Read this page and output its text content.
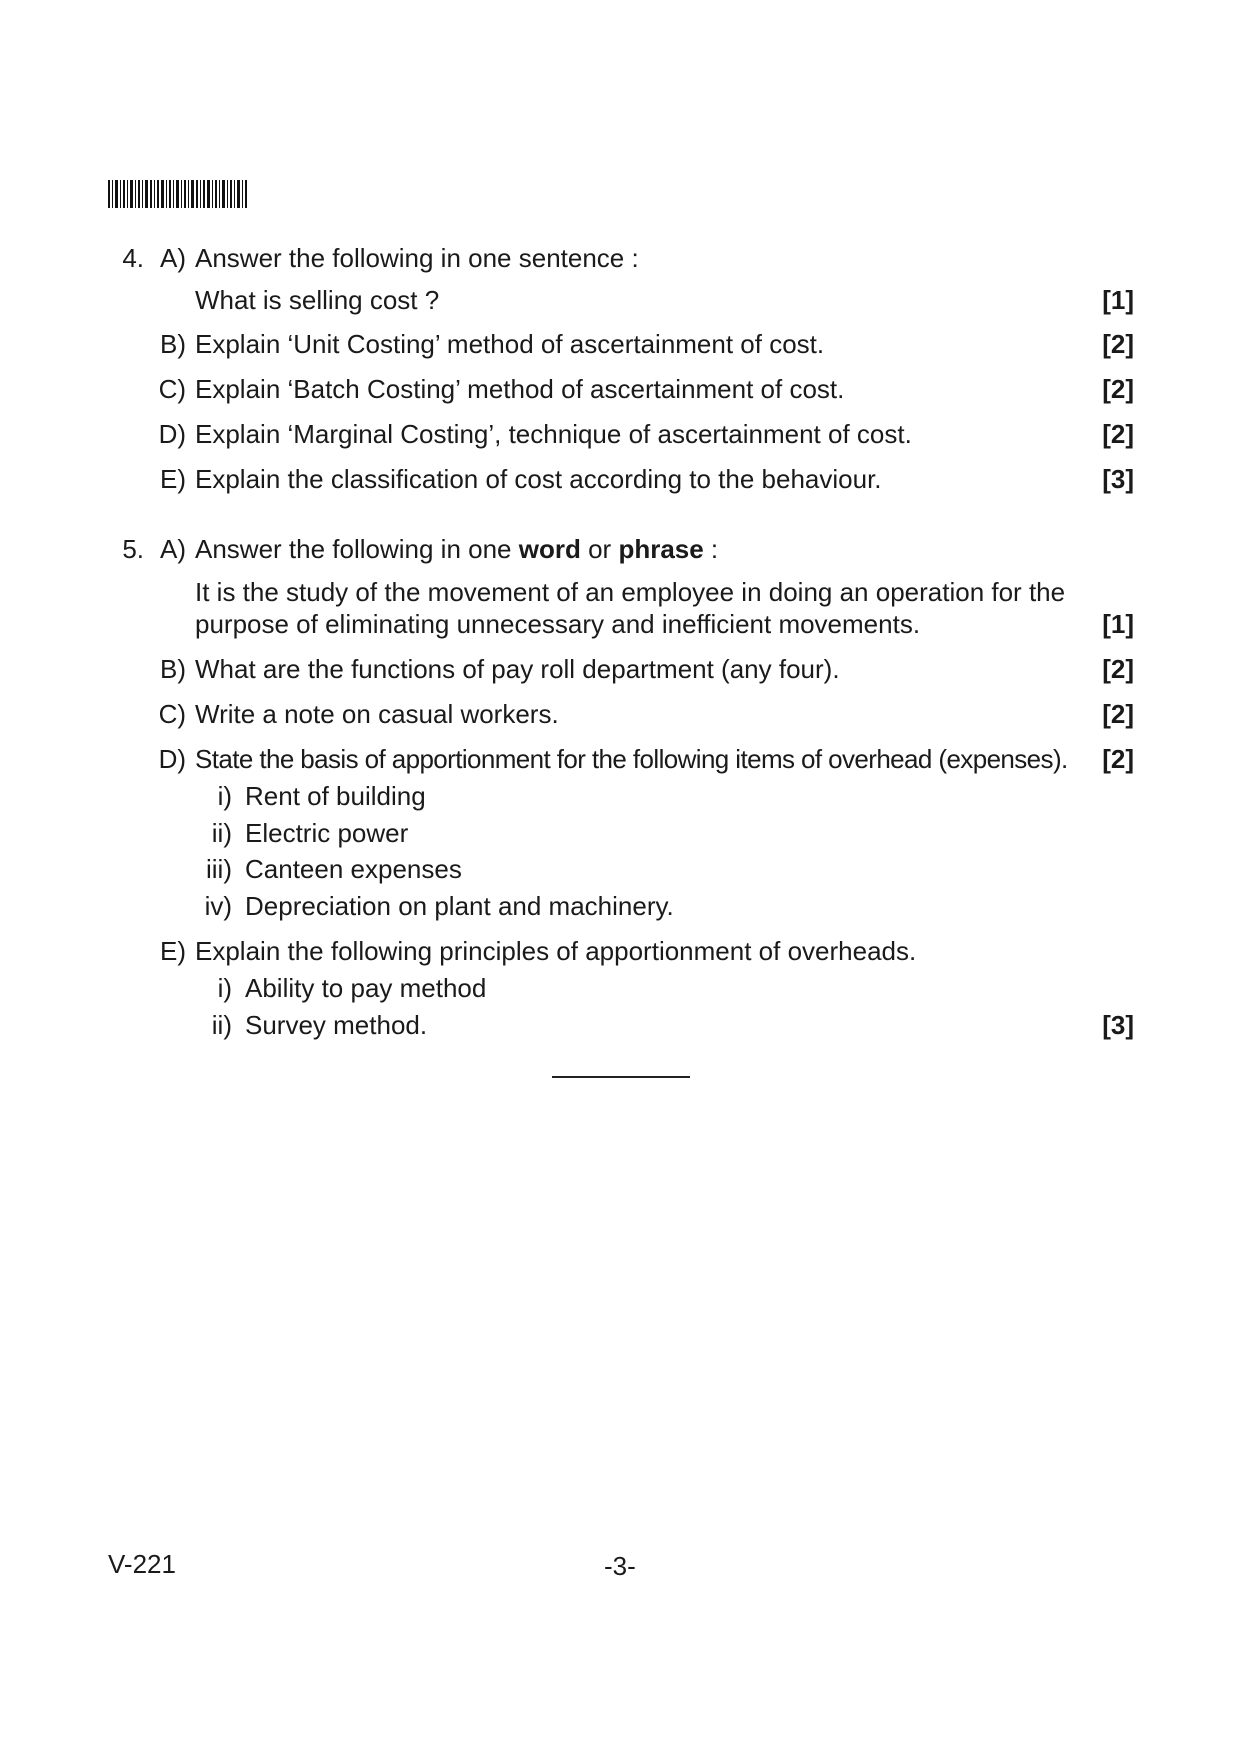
4. A) Answer the following in one sentence :
What is selling cost ?	[1]
B) Explain ‘Unit Costing’ method of ascertainment of cost.	[2]
C) Explain ‘Batch Costing’ method of ascertainment of cost.	[2]
D) Explain ‘Marginal Costing’, technique of ascertainment of cost.	[2]
E) Explain the classification of cost according to the behaviour.	[3]
5. A) Answer the following in one word or phrase :
It is the study of the movement of an employee in doing an operation for the
purpose of eliminating unnecessary and inefficient movements.	[1]
B) What are the functions of pay roll department (any four).	[2]
C) Write a note on casual workers.	[2]
D) State the basis of apportionment for the following items of overhead (expenses). [2]
i) Rent of building
ii) Electric power
iii) Canteen expenses
iv) Depreciation on plant and machinery.
E) Explain the following principles of apportionment of overheads.
i) Ability to pay method
ii) Survey method.	[3]
V-221	-3-
